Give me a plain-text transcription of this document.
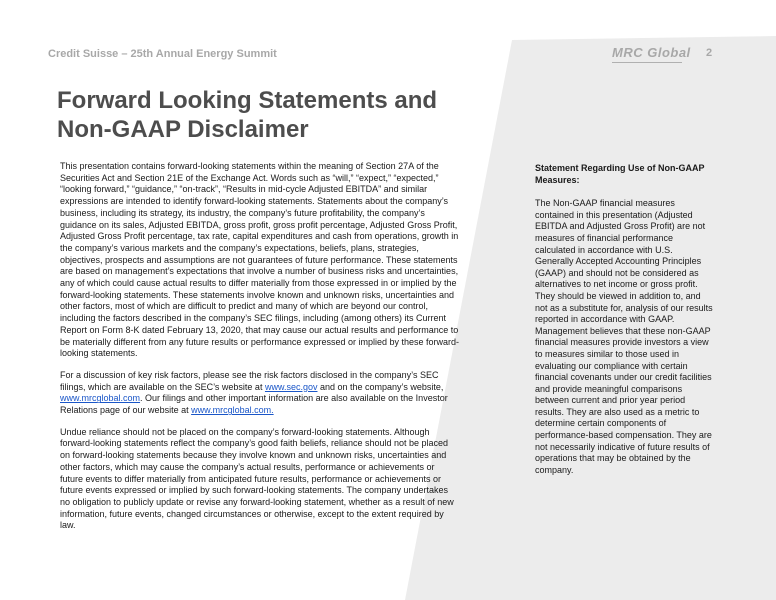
Credit Suisse – 25th Annual Energy Summit	MRC Global 2
Forward Looking Statements and
Non-GAAP Disclaimer

This presentation contains forward-looking statements within the meaning of Section 27A of the Securities Act and Section 21E of the Exchange Act. Words such as “will,” “expect,” “expected,” “looking forward,” “guidance,” “on-track”, “Results in mid-cycle Adjusted EBITDA” and similar expressions are intended to identify forward-looking statements. Statements about the company’s business, including its strategy, its industry, the company’s future profitability, the company’s guidance on its sales, Adjusted EBITDA, gross profit, gross profit percentage, Adjusted Gross Profit, Adjusted Gross Profit percentage, tax rate, capital expenditures and cash from operations, growth in the company’s various markets and the company’s expectations, beliefs, plans, strategies, objectives, prospects and assumptions are not guarantees of future performance. These statements are based on management’s expectations that involve a number of business risks and uncertainties, any of which could cause actual results to differ materially from those expressed in or implied by the forward-looking statements. These statements involve known and unknown risks, uncertainties and other factors, most of which are difficult to predict and many of which are beyond our control, including the factors described in the company’s SEC filings, including (among others) its Current Report on Form 8-K dated February 13, 2020, that may cause our actual results and performance to be materially different from any future results or performance expressed or implied by these forward-looking statements.

For a discussion of key risk factors, please see the risk factors disclosed in the company’s SEC filings, which are available on the SEC’s website at www.sec.gov and on the company’s website, www.mrcglobal.com. Our filings and other important information are also available on the Investor Relations page of our website at www.mrcglobal.com.

Undue reliance should not be placed on the company’s forward-looking statements. Although forward-looking statements reflect the company’s good faith beliefs, reliance should not be placed on forward-looking statements because they involve known and unknown risks, uncertainties and other factors, which may cause the company’s actual results, performance or achievements or future events to differ materially from anticipated future results, performance or achievements or future events expressed or implied by such forward-looking statements. The company undertakes no obligation to publicly update or revise any forward-looking statement, whether as a result of new information, future events, changed circumstances or otherwise, except to the extent required by law.

Statement Regarding Use of Non-GAAP Measures:

The Non-GAAP financial measures contained in this presentation (Adjusted EBITDA and Adjusted Gross Profit) are not measures of financial performance calculated in accordance with U.S. Generally Accepted Accounting Principles (GAAP) and should not be considered as alternatives to net income or gross profit. They should be viewed in addition to, and not as a substitute for, analysis of our results reported in accordance with GAAP. Management believes that these non-GAAP financial measures provide investors a view to measures similar to those used in evaluating our compliance with certain financial covenants under our credit facilities and provide meaningful comparisons between current and prior year period results. They are also used as a metric to determine certain components of performance-based compensation. They are not necessarily indicative of future results of operations that may be obtained by the company.
